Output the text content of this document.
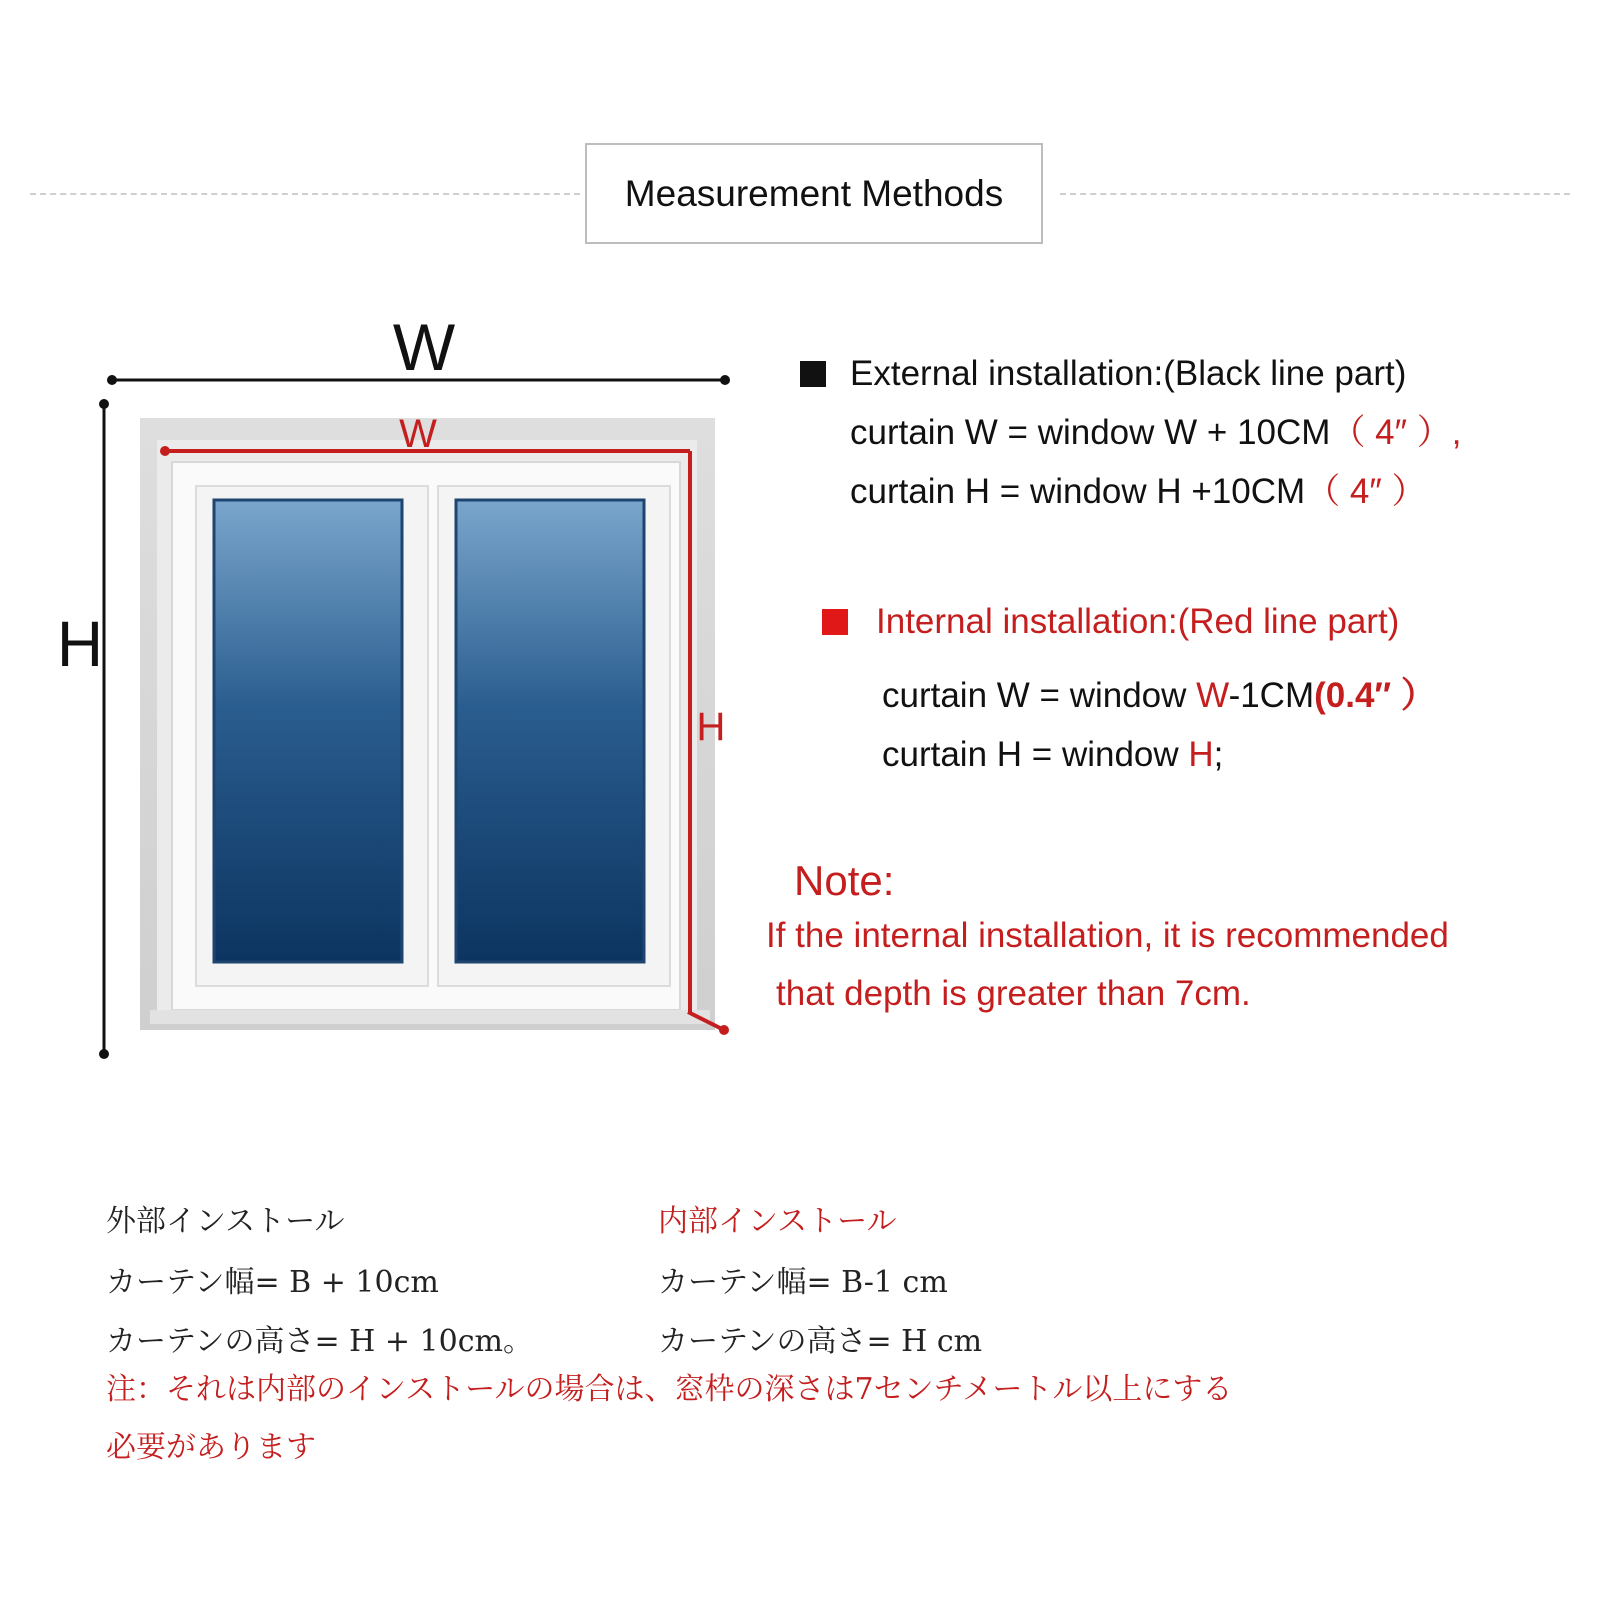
Measurement Methods
W
H
W
H
External installation:(Black line part)
curtain W = window W + 10CM（ 4″ ）,
curtain H = window H +10CM（ 4″ ）
Internal installation:(Red line part)
curtain W = window W-1CM(0.4″ ）
curtain H = window H;
Note:
If the internal installation, it is recommended
that depth is greater than 7cm.
外部インストール
カーテン幅= B + 10cm
カーテンの高さ= H + 10cm。
内部インストール
カーテン幅= B-1 cm
カーテンの高さ= H cm
注：それは内部のインストールの場合は、窓枠の深さは7センチメートル以上にする
必要があります
